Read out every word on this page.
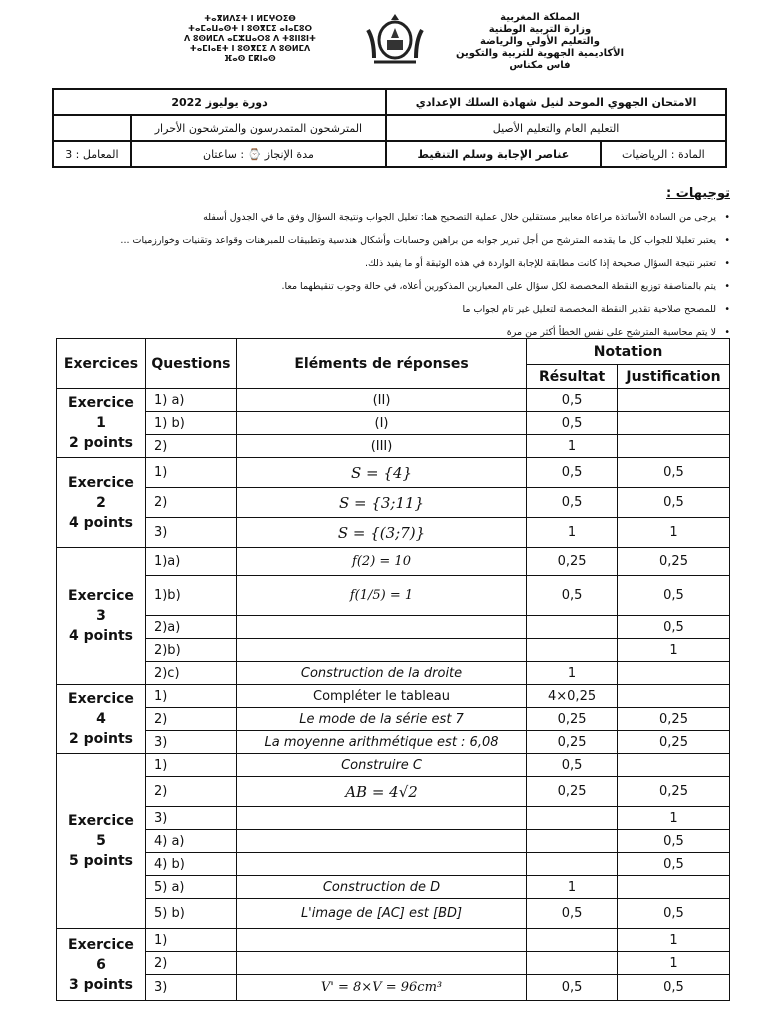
ⵜⴰⴳⵍⴷⵉⵜ ⵏ ⵍⵎⵖⵔⵉⴱ
ⵜⴰⵎⴰⵡⴰⵙⵜ ⵏ ⵓⵙⴳⵎⵉ ⴰⵏⴰⵎⵓⵔ
ⴷ ⵓⵙⵍⵎⴷ ⴰⵎⵣⵡⴰⵔⵓ ⴷ ⵜⵓⵏⵏⵓⵏⵜ
ⵜⴰⵎⵏⴰⴹⵜ ⵏ ⵓⵙⴳⵎⵉ ⴷ ⵓⵙⵍⵎⴷ
ⴼⴰⵙ ⵎⴽⵏⴰⵙ
المملكة المغربية
وزارة التربية الوطنية
والتعليم الأولي والرياضة
الأكاديمية الجهوية للتربية والتكوين
فاس مكناس
الامتحان الجهوي الموحد لنيل شهادة السلك الإعدادي		دورة يوليوز 2022	
التعليم العام والتعليم الأصيل		المترشحون المتمدرسون والمترشحون الأحرار	
المادة : الرياضيات	عناصر الإجابة وسلم التنقيط	مدة الإنجاز ⌚ : ساعتان	المعامل : 3
توجيهات :
• يرجى من السادة الأساتذة مراعاة معايير مستقلين خلال عملية التصحيح هما: تعليل الجواب ونتيجة السؤال وفق ما في الجدول أسفله
• يعتبر تعليلا للجواب كل ما يقدمه المترشح من أجل تبرير جوابه من براهين وحسابات وأشكال هندسية وتطبيقات للمبرهنات وقواعد وتقنيات وخوارزميات ...
• تعتبر نتيجة السؤال صحيحة إذا كانت مطابقة للإجابة الواردة في هذه الوثيقة أو ما يفيد ذلك.
• يتم بالمناصفة توزيع النقطة المخصصة لكل سؤال على المعيارين المذكورين أعلاه، في حالة وجوب تنقيطهما معا.
• للمصحح صلاحية تقدير النقطة المخصصة لتعليل غير تام لجواب ما
• لا يتم محاسبة المترشح على نفس الخطأ أكثر من مرة
Exercices	Questions	Eléments de réponses	Notation	
			Résultat	Justification

Exercice 1
2 points	1) a)	(II)	0,5	
	1) b)	(I)	0,5	
	2)	(III)	1	

Exercice 2
4 points	1)	S = {4}	0,5	0,5
	2)	S = {3;11}	0,5	0,5
	3)	S = {(3;7)}	1	1

Exercice 3
4 points	1)a)	f(2) = 10	0,25	0,25
	1)b)	f(1/5) = 1	0,5	0,5
	2)a)			0,5
	2)b)			1
	2)c)	Construction de la droite	1	

Exercice 4
2 points	1)	Compléter le tableau	4×0,25	
	2)	Le mode de la série est 7	0,25	0,25
	3)	La moyenne arithmétique est : 6,08	0,25	0,25

Exercice 5
5 points	1)	Construire C	0,5	
	2)	AB = 4√2	0,25	0,25
	3)			1
	4) a)			0,5
	4) b)			0,5
	5) a)	Construction de D	1	
	5) b)	L'image de [AC] est [BD]	0,5	0,5

Exercice 6
3 points	1)			1
	2)			1
	3)	V' = 8×V = 96cm³	0,5	0,5
